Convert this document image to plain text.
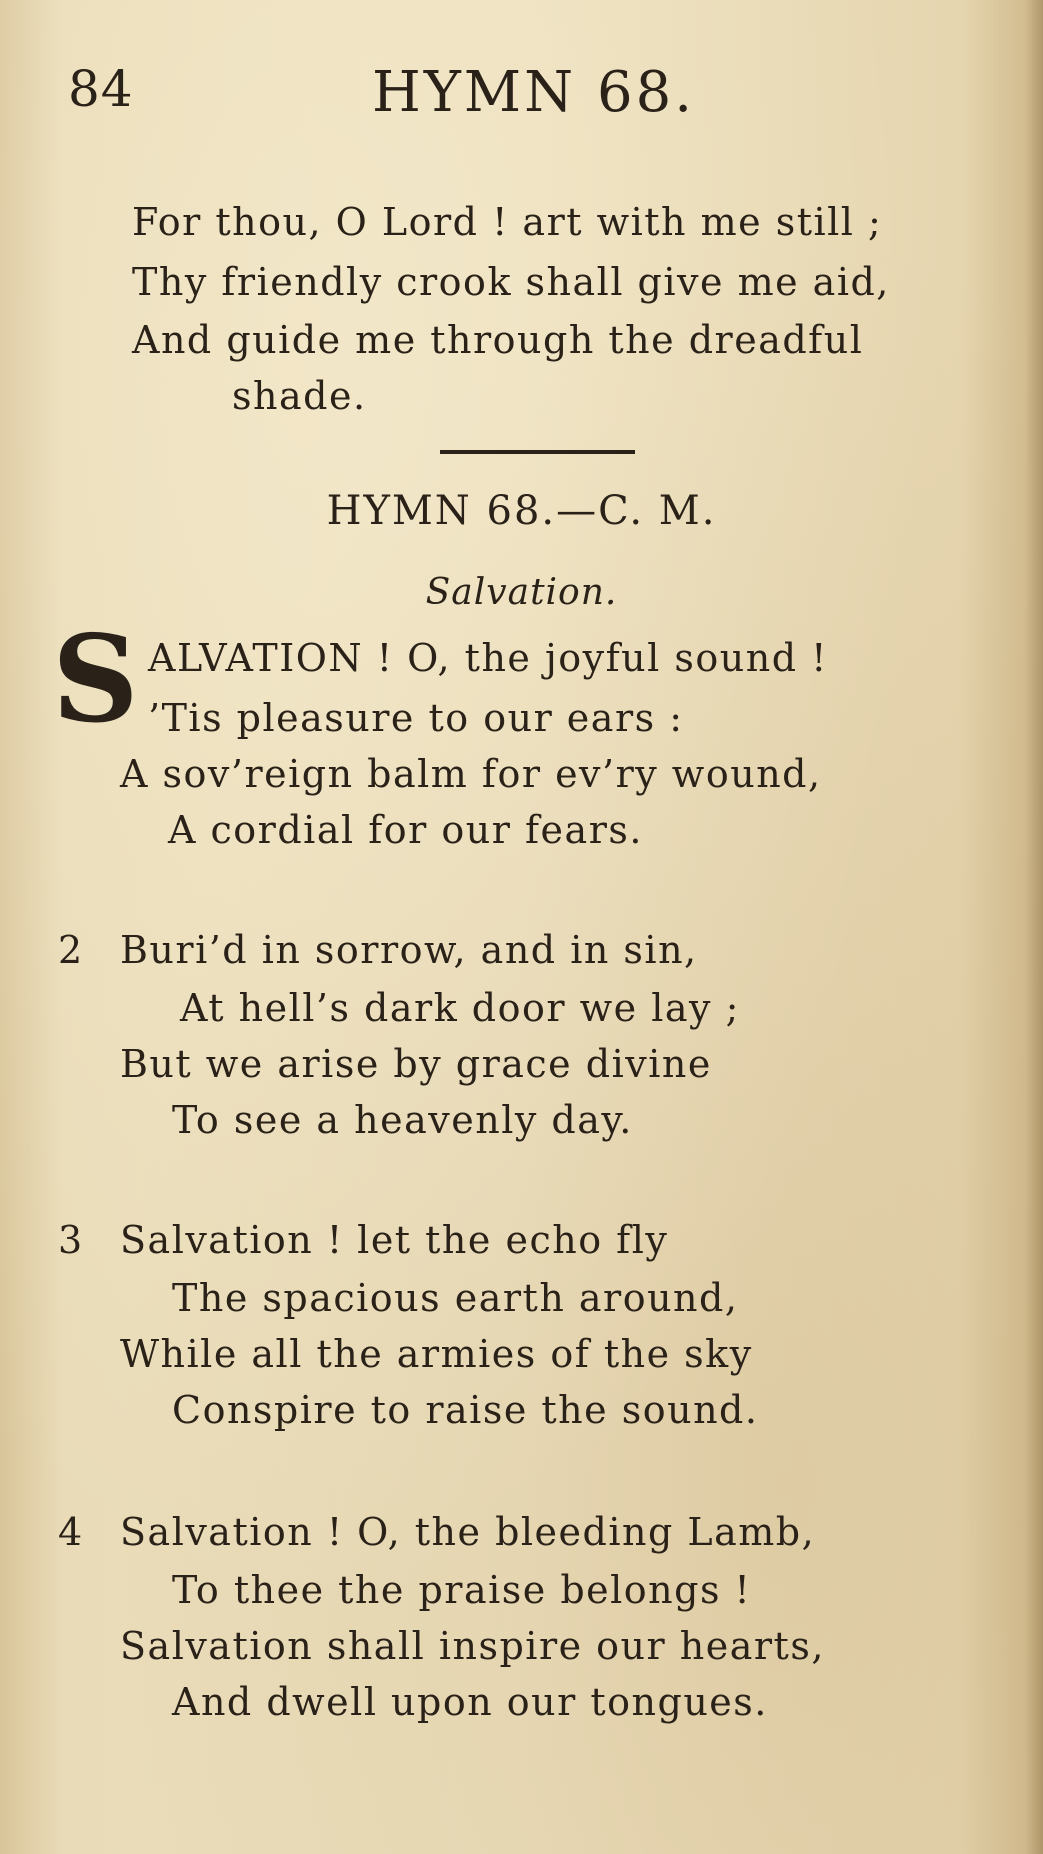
84	HYMN 68.
For thou, O Lord ! art with me still ;
Thy friendly crook shall give me aid,
And guide me through the dreadful
shade.
HYMN 68.—C. M.
Salvation.
S ALVATION ! O, the joyful sound !
’Tis pleasure to our ears :
A sov’reign balm for ev’ry wound,
A cordial for our fears.
2 Buri’d in sorrow, and in sin,
At hell’s dark door we lay ;
But we arise by grace divine
To see a heavenly day.
3 Salvation ! let the echo fly
The spacious earth around,
While all the armies of the sky
Conspire to raise the sound.
4 Salvation ! O, the bleeding Lamb,
To thee the praise belongs !
Salvation shall inspire our hearts,
And dwell upon our tongues.
